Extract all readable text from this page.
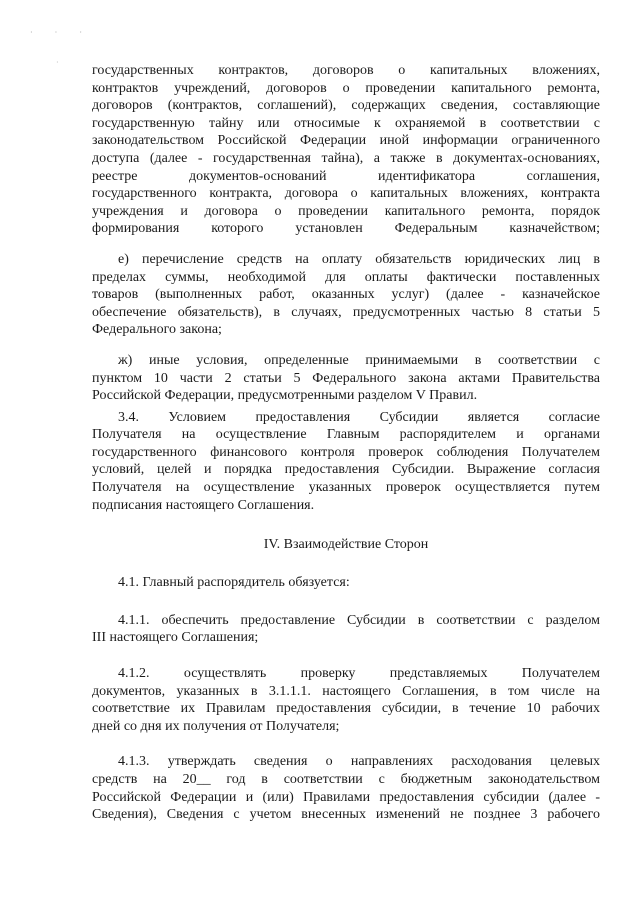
· · ·
·

государственных контрактов, договоров о капитальных вложениях,
контрактов учреждений, договоров о проведении капитального ремонта,
договоров (контрактов, соглашений), содержащих сведения, составляющие
государственную тайну или относимые к охраняемой в соответствии с
законодательством Российской Федерации иной информации ограниченного
доступа (далее - государственная тайна), а также в документах-основаниях,
реестре документов-оснований идентификатора соглашения,
государственного контракта, договора о капитальных вложениях, контракта
учреждения и договора о проведении капитального ремонта, порядок
формирования которого установлен Федеральным казначейством;

е) перечисление средств на оплату обязательств юридических лиц в
пределах суммы, необходимой для оплаты фактически поставленных
товаров (выполненных работ, оказанных услуг) (далее - казначейское
обеспечение обязательств), в случаях, предусмотренных частью 8 статьи 5
Федерального закона;

ж) иные условия, определенные принимаемыми в соответствии с
пунктом 10 части 2 статьи 5 Федерального закона актами Правительства
Российской Федерации, предусмотренными разделом V Правил.

3.4. Условием предоставления Субсидии является согласие
Получателя на осуществление Главным распорядителем и органами
государственного финансового контроля проверок соблюдения Получателем
условий, целей и порядка предоставления Субсидии. Выражение согласия
Получателя на осуществление указанных проверок осуществляется путем
подписания настоящего Соглашения.

IV. Взаимодействие Сторон

4.1. Главный распорядитель обязуется:

4.1.1. обеспечить предоставление Субсидии в соответствии с разделом
III настоящего Соглашения;

4.1.2. осуществлять проверку представляемых Получателем
документов, указанных в 3.1.1.1. настоящего Соглашения, в том числе на
соответствие их Правилам предоставления субсидии, в течение 10 рабочих
дней со дня их получения от Получателя;

4.1.3. утверждать сведения о направлениях расходования целевых
средств на 20__ год в соответствии с бюджетным законодательством
Российской Федерации и (или) Правилами предоставления субсидии (далее -
Сведения), Сведения с учетом внесенных изменений не позднее 3 рабочего
